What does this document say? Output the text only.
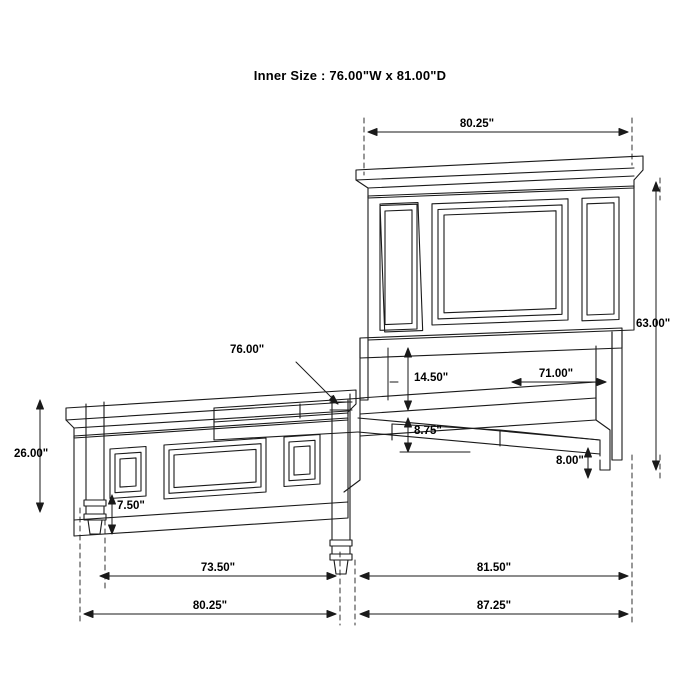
Inner Size : 76.00"W x 81.00"D
80.25"
63.00"
71.00"
14.50"
8.75"
8.00"
76.00"
26.00"
7.50"
73.50"	81.50"
80.25"	87.25"
